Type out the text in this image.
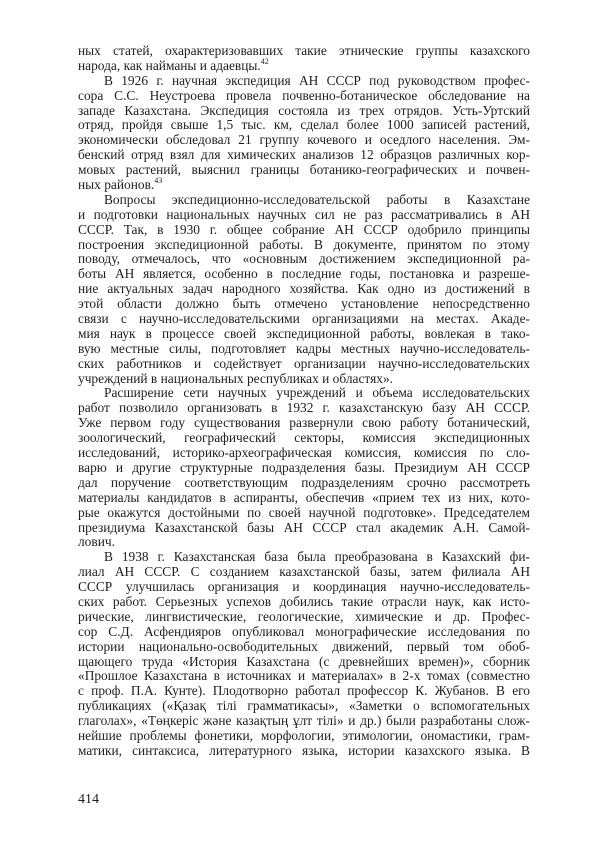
ных статей, охарактеризовавших такие этнические группы казахского
народа, как найманы и адаевцы.$^{42}$
В 1926 г. научная экспедиция АН СССР под руководством профес-
сора С.С. Неустроева провела почвенно-ботаническое обследование на
западе Казахстана. Экспедиция состояла из трех отрядов. Усть-Уртский
отряд, пройдя свыше 1,5 тыс. км, сделал более 1000 записей растений,
экономически обследовал 21 группу кочевого и оседлого населения. Эм-
бенский отряд взял для химических анализов 12 образцов различных кор-
мовых растений, выяснил границы ботанико-географических и почвен-
ных районов.$^{43}$
Вопросы экспедиционно-исследовательской работы в Казахстане
и подготовки национальных научных сил не раз рассматривались в АН
СССР. Так, в 1930 г. общее собрание АН СССР одобрило принципы
построения экспедиционной работы. В документе, принятом по этому
поводу, отмечалось, что «основным достижением экспедиционной ра-
боты АН является, особенно в последние годы, постановка и разреше-
ние актуальных задач народного хозяйства. Как одно из достижений в
этой области должно быть отмечено установление непосредственно
связи с научно-исследовательскими организациями на местах. Акаде-
мия наук в процессе своей экспедиционной работы, вовлекая в тако-
вую местные силы, подготовляет кадры местных научно-исследователь-
ских работников и содействует организации научно-исследовательских
учреждений в национальных республиках и областях».
Расширение сети научных учреждений и объема исследовательских
работ позволило организовать в 1932 г. казахстанскую базу АН СССР.
Уже первом году существования развернули свою работу ботанический,
зоологический, географический секторы, комиссия экспедиционных
исследований, историко-археографическая комиссия, комиссия по сло-
варю и другие структурные подразделения базы. Президиум АН СССР
дал поручение соответствующим подразделениям срочно рассмотреть
материалы кандидатов в аспиранты, обеспечив «прием тех из них, кото-
рые окажутся достойными по своей научной подготовке». Председателем
президиума Казахстанской базы АН СССР стал академик А.Н. Самой-
лович.
В 1938 г. Казахстанская база была преобразована в Казахский фи-
лиал АН СССР. С созданием казахстанской базы, затем филиала АН
СССР улучшилась организация и координация научно-исследователь-
ских работ. Серьезных успехов добились такие отрасли наук, как исто-
рические, лингвистические, геологические, химические и др. Профес-
сор С.Д. Асфендияров опубликовал монографические исследования по
истории национально-освободительных движений, первый том обоб-
щающего труда «История Казахстана (с древнейших времен)», сборник
«Прошлое Казахстана в источниках и материалах» в 2-х томах (совместно
с проф. П.А. Кунте). Плодотворно работал профессор К. Жубанов. В его
публикациях («Қазақ тілі грамматикасы», «Заметки о вспомогательных
глаголах», «Төңкеріс және казақтың ұлт тілі» и др.) были разработаны слож-
нейшие проблемы фонетики, морфологии, этимологии, ономастики, грам-
матики, синтаксиса, литературного языка, истории казахского языка. В
414
